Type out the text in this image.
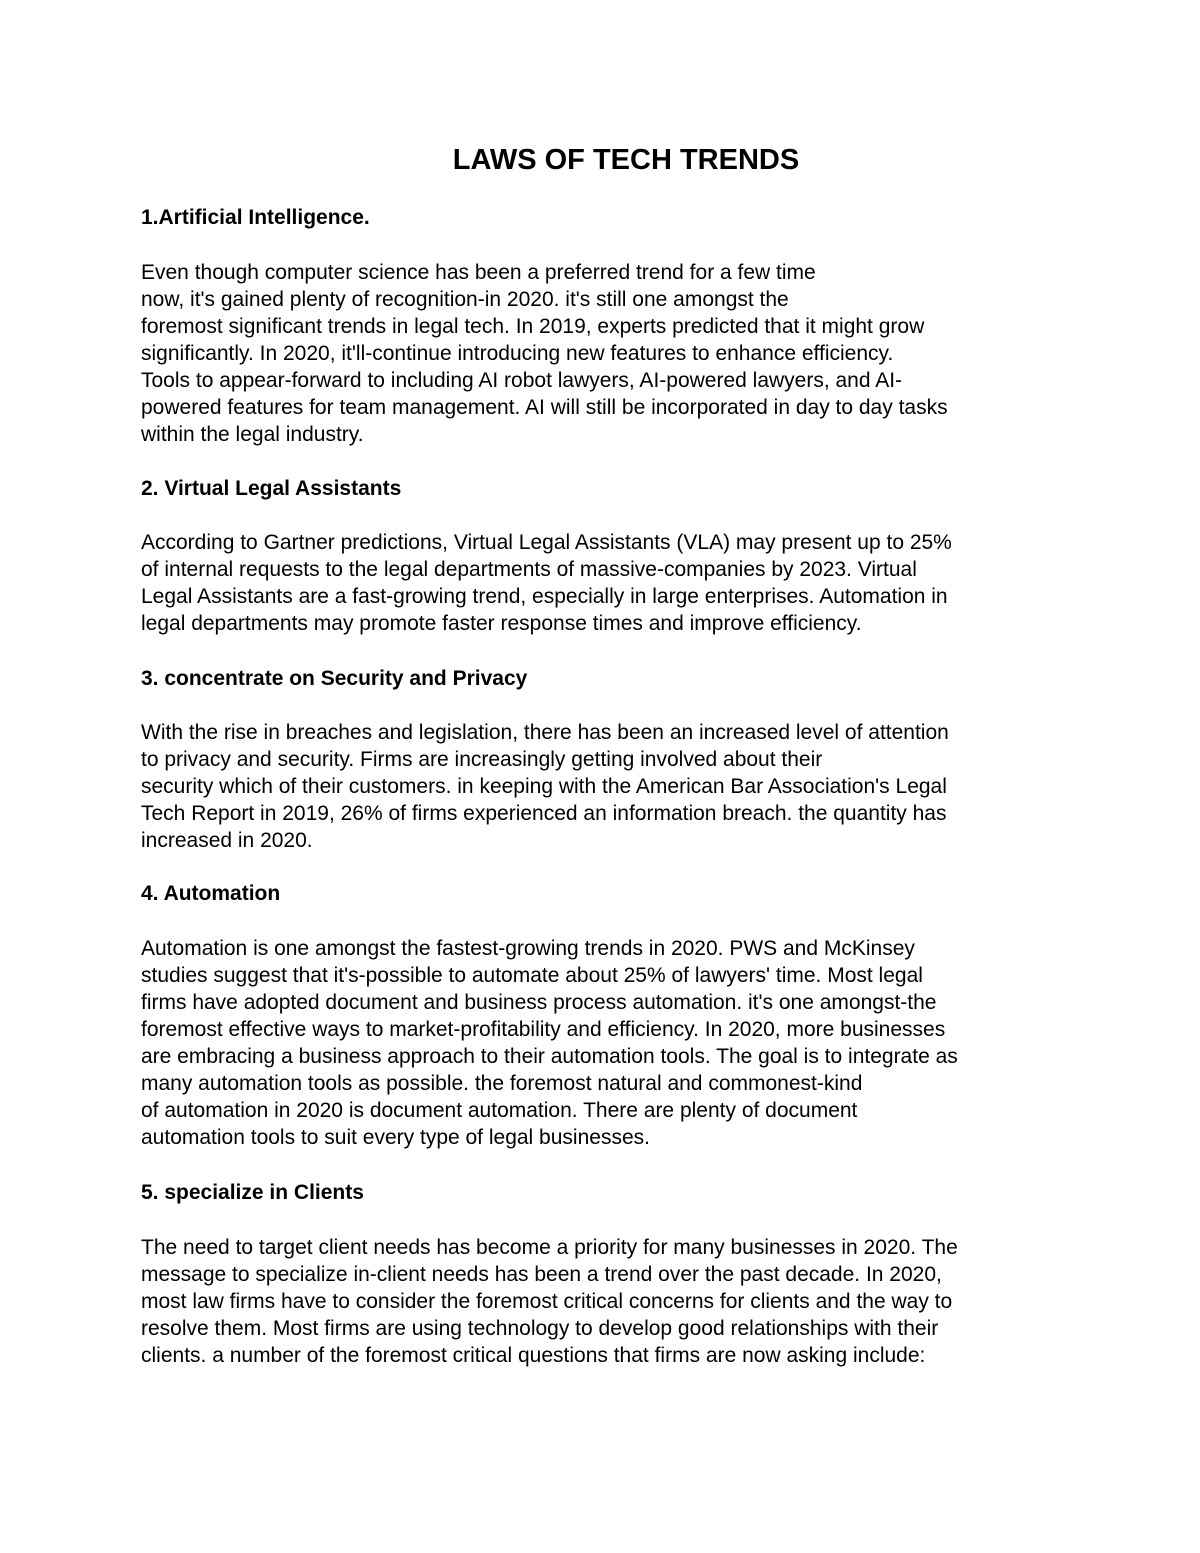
LAWS OF TECH TRENDS
1.Artificial Intelligence.
Even though computer science has been a preferred trend for a few time
now, it's gained plenty of recognition-in 2020. it's still one amongst the
foremost significant trends in legal tech. In 2019, experts predicted that it might grow
significantly. In 2020, it'll-continue introducing new features to enhance efficiency.
Tools to appear-forward to including AI robot lawyers, AI-powered lawyers, and AI-
powered features for team management. AI will still be incorporated in day to day tasks
within the legal industry.
2. Virtual Legal Assistants
According to Gartner predictions, Virtual Legal Assistants (VLA) may present up to 25%
of internal requests to the legal departments of massive-companies by 2023. Virtual
Legal Assistants are a fast-growing trend, especially in large enterprises. Automation in
legal departments may promote faster response times and improve efficiency.
3. concentrate on Security and Privacy
With the rise in breaches and legislation, there has been an increased level of attention
to privacy and security. Firms are increasingly getting involved about their
security which of their customers. in keeping with the American Bar Association's Legal
Tech Report in 2019, 26% of firms experienced an information breach. the quantity has
increased in 2020.
4. Automation
Automation is one amongst the fastest-growing trends in 2020. PWS and McKinsey
studies suggest that it's-possible to automate about 25% of lawyers' time. Most legal
firms have adopted document and business process automation. it's one amongst-the
foremost effective ways to market-profitability and efficiency. In 2020, more businesses
are embracing a business approach to their automation tools. The goal is to integrate as
many automation tools as possible. the foremost natural and commonest-kind
of automation in 2020 is document automation. There are plenty of document
automation tools to suit every type of legal businesses.
5. specialize in Clients
The need to target client needs has become a priority for many businesses in 2020. The
message to specialize in-client needs has been a trend over the past decade. In 2020,
most law firms have to consider the foremost critical concerns for clients and the way to
resolve them. Most firms are using technology to develop good relationships with their
clients. a number of the foremost critical questions that firms are now asking include:
